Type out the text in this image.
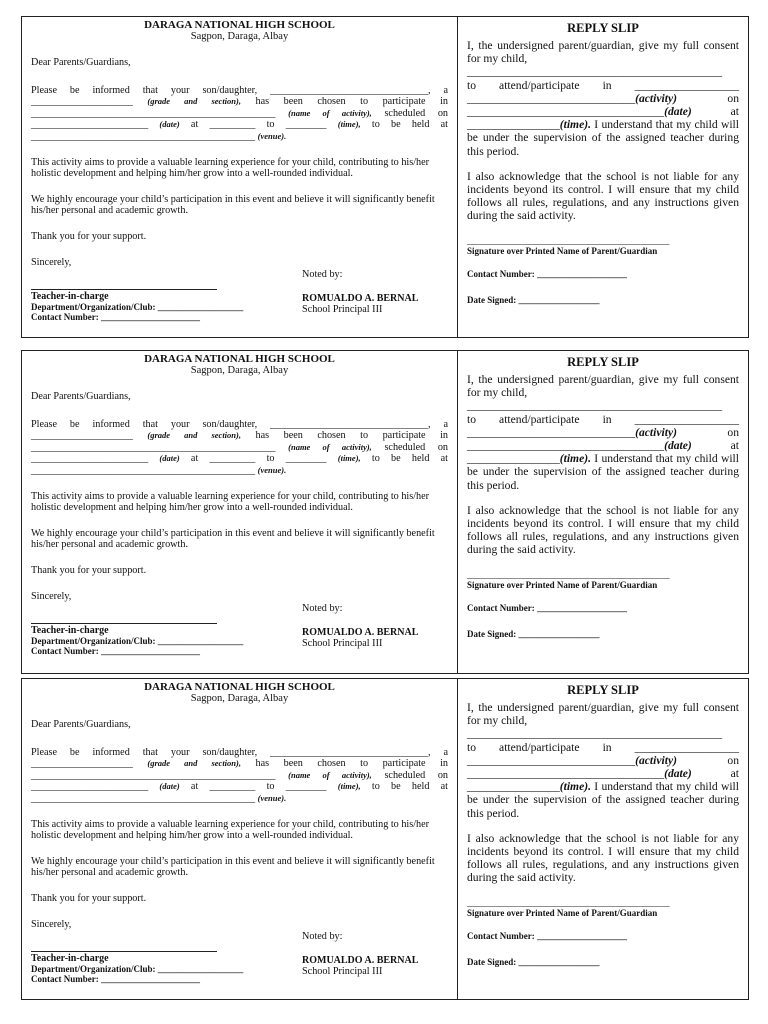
DARAGA NATIONAL HIGH SCHOOL
Sagpon, Daraga, Albay

Dear Parents/Guardians,

Please be informed that your son/daughter, _______________________________, a

____________________ (grade and section), has been chosen to participate in

________________________________________________ (name of activity), scheduled on

_______________________ (date) at _________ to ________ (time), to be held at

____________________________________________ (venue).

This activity aims to provide a valuable learning experience for your child, contributing to his/her holistic development and helping him/her grow into a well-rounded individual.

We highly encourage your child’s participation in this event and believe it will significantly benefit his/her personal and academic growth.

Thank you for your support.

Sincerely,

Teacher-in-charge
Department/Organization/Club: ___________________
Contact Number: ______________________
Noted by:
ROMUALDO A. BERNAL
School Principal III
REPLY SLIP

I, the undersigned parent/guardian, give my full consent for my child,

____________________________________________

to attend/participate in __________________

_____________________________(activity)	on

__________________________________(date)	at

________________(time). I understand that my child will be under the supervision of the assigned teacher during this period.

I also acknowledge that the school is not liable for any incidents beyond its control. I will ensure that my child follows all rules, regulations, and any instructions given during the said activity.

_____________________________________________
Signature over Printed Name of Parent/Guardian
Contact Number: ____________________
Date Signed: __________________
DARAGA NATIONAL HIGH SCHOOL
Sagpon, Daraga, Albay

Dear Parents/Guardians,

Please be informed that your son/daughter, _______________________________, a

____________________ (grade and section), has been chosen to participate in

________________________________________________ (name of activity), scheduled on

_______________________ (date) at _________ to ________ (time), to be held at

____________________________________________ (venue).

This activity aims to provide a valuable learning experience for your child, contributing to his/her holistic development and helping him/her grow into a well-rounded individual.

We highly encourage your child’s participation in this event and believe it will significantly benefit his/her personal and academic growth.

Thank you for your support.

Sincerely,

Teacher-in-charge
Department/Organization/Club: ___________________
Contact Number: ______________________
Noted by:
ROMUALDO A. BERNAL
School Principal III
REPLY SLIP

I, the undersigned parent/guardian, give my full consent for my child,

____________________________________________

to attend/participate in __________________

_____________________________(activity)	on

__________________________________(date)	at

________________(time). I understand that my child will be under the supervision of the assigned teacher during this period.

I also acknowledge that the school is not liable for any incidents beyond its control. I will ensure that my child follows all rules, regulations, and any instructions given during the said activity.

_____________________________________________
Signature over Printed Name of Parent/Guardian
Contact Number: ____________________
Date Signed: __________________
DARAGA NATIONAL HIGH SCHOOL
Sagpon, Daraga, Albay

Dear Parents/Guardians,

Please be informed that your son/daughter, _______________________________, a

____________________ (grade and section), has been chosen to participate in

________________________________________________ (name of activity), scheduled on

_______________________ (date) at _________ to ________ (time), to be held at

____________________________________________ (venue).

This activity aims to provide a valuable learning experience for your child, contributing to his/her holistic development and helping him/her grow into a well-rounded individual.

We highly encourage your child’s participation in this event and believe it will significantly benefit his/her personal and academic growth.

Thank you for your support.

Sincerely,

Teacher-in-charge
Department/Organization/Club: ___________________
Contact Number: ______________________
Noted by:
ROMUALDO A. BERNAL
School Principal III
REPLY SLIP

I, the undersigned parent/guardian, give my full consent for my child,

____________________________________________

to attend/participate in __________________

_____________________________(activity)	on

__________________________________(date)	at

________________(time). I understand that my child will be under the supervision of the assigned teacher during this period.

I also acknowledge that the school is not liable for any incidents beyond its control. I will ensure that my child follows all rules, regulations, and any instructions given during the said activity.

_____________________________________________
Signature over Printed Name of Parent/Guardian
Contact Number: ____________________
Date Signed: __________________
